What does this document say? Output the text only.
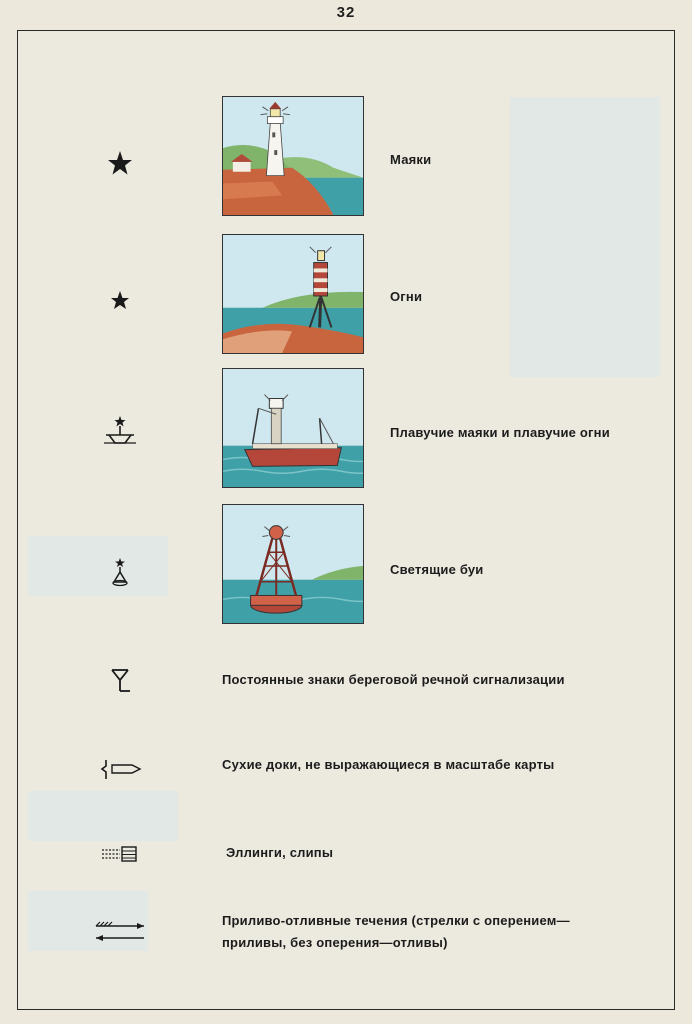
32
Маяки
Огни
Плавучие маяки и плавучие огни
Светящие буи
Постоянные знаки береговой речной сигнализации
Сухие доки, не выражающиеся в масштабе карты
Эллинги, слипы
Приливо-отливные течения (стрелки с оперением—
приливы, без оперения—отливы)
